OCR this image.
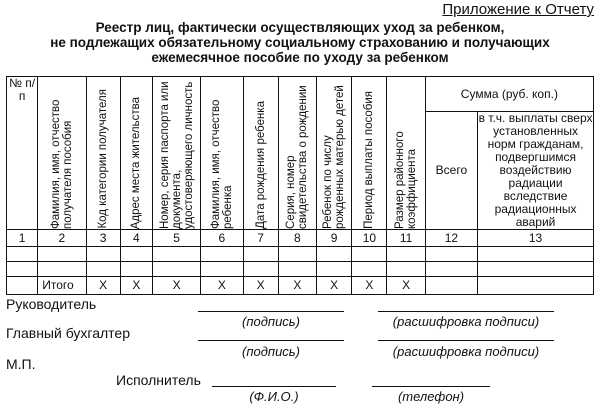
Приложение к Отчету
Реестр лиц, фактически осуществляющих уход за ребенком,
не подлежащих обязательному социальному страхованию и получающих
ежемесячное пособие по уходу за ребенком
№ п/п	Фамилия, имя, отчество получателя пособия	Код категории получателя	Адрес места жительства	Номер, серия паспорта или документа, удостоверяющего личность	Фамилия, имя, отчество ребенка	Дата рождения ребенка	Серия, номер свидетельства о рождении	Ребенок по числу рожденных матерью детей	Период выплаты пособия	Размер районного коэффициента	Сумма (руб. коп.)	
											Всего	в т.ч. выплаты сверх установленных норм гражданам, подвергшимся воздействию радиации вследствие радиационных аварий
1	2	3	4	5	6	7	8	9	10	11	12	13

	Итого	X	X	X	X	X	X	X	X	X		
Руководитель
(подпись)	(расшифровка подписи)
Главный бухгалтер
(подпись)	(расшифровка подписи)
М.П.
Исполнитель
(Ф.И.О.)	(телефон)
